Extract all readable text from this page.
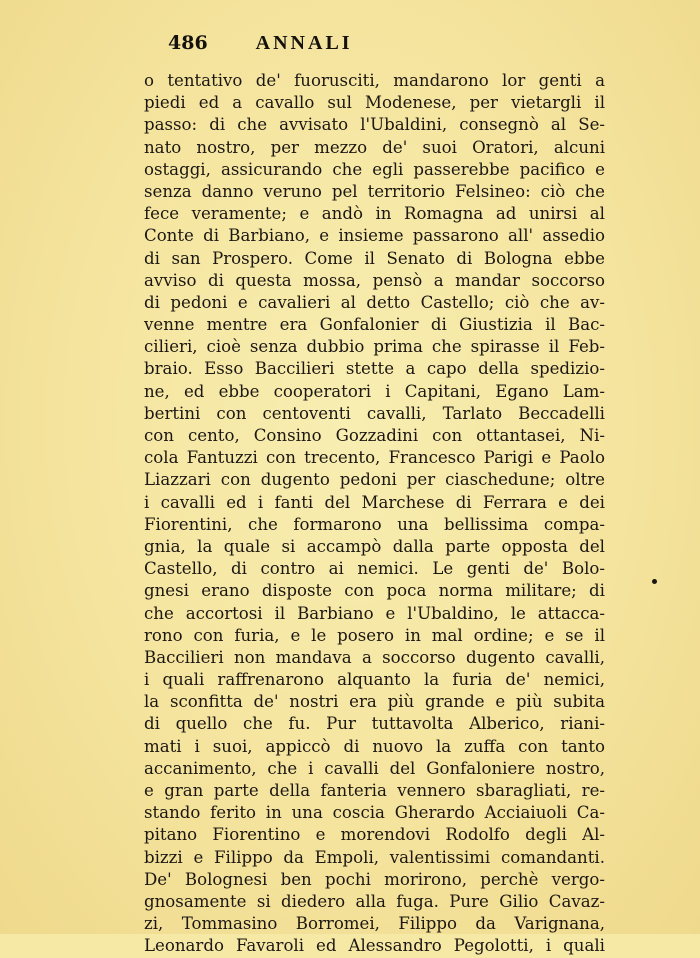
486 ANNALI
o tentativo de' fuorusciti, mandarono lor genti a
piedi ed a cavallo sul Modenese, per vietargli il
passo: di che avvisato l'Ubaldini, consegnò al Se-
nato nostro, per mezzo de' suoi Oratori, alcuni
ostaggi, assicurando che egli passerebbe pacifico e
senza danno veruno pel territorio Felsineo: ciò che
fece veramente; e andò in Romagna ad unirsi al
Conte di Barbiano, e insieme passarono all' assedio
di san Prospero. Come il Senato di Bologna ebbe
avviso di questa mossa, pensò a mandar soccorso
di pedoni e cavalieri al detto Castello; ciò che av-
venne mentre era Gonfalonier di Giustizia il Bac-
cilieri, cioè senza dubbio prima che spirasse il Feb-
braio. Esso Baccilieri stette a capo della spedizio-
ne, ed ebbe cooperatori i Capitani, Egano Lam-
bertini con centoventi cavalli, Tarlato Beccadelli
con cento, Consino Gozzadini con ottantasei, Ni-
cola Fantuzzi con trecento, Francesco Parigi e Paolo
Liazzari con dugento pedoni per ciaschedune; oltre
i cavalli ed i fanti del Marchese di Ferrara e dei
Fiorentini, che formarono una bellissima compa-
gnia, la quale si accampò dalla parte opposta del
Castello, di contro ai nemici. Le genti de' Bolo-
gnesi erano disposte con poca norma militare; di
che accortosi il Barbiano e l'Ubaldino, le attacca-
rono con furia, e le posero in mal ordine; e se il
Baccilieri non mandava a soccorso dugento cavalli,
i quali raffrenarono alquanto la furia de' nemici,
la sconfitta de' nostri era più grande e più subita
di quello che fu. Pur tuttavolta Alberico, riani-
mati i suoi, appiccò di nuovo la zuffa con tanto
accanimento, che i cavalli del Gonfaloniere nostro,
e gran parte della fanteria vennero sbaragliati, re-
stando ferito in una coscia Gherardo Acciaiuoli Ca-
pitano Fiorentino e morendovi Rodolfo degli Al-
bizzi e Filippo da Empoli, valentissimi comandanti.
De' Bolognesi ben pochi morirono, perchè vergo-
gnosamente si diedero alla fuga. Pure Gilio Cavaz-
zi, Tommasino Borromei, Filippo da Varignana,
Leonardo Favaroli ed Alessandro Pegolotti, i quali
